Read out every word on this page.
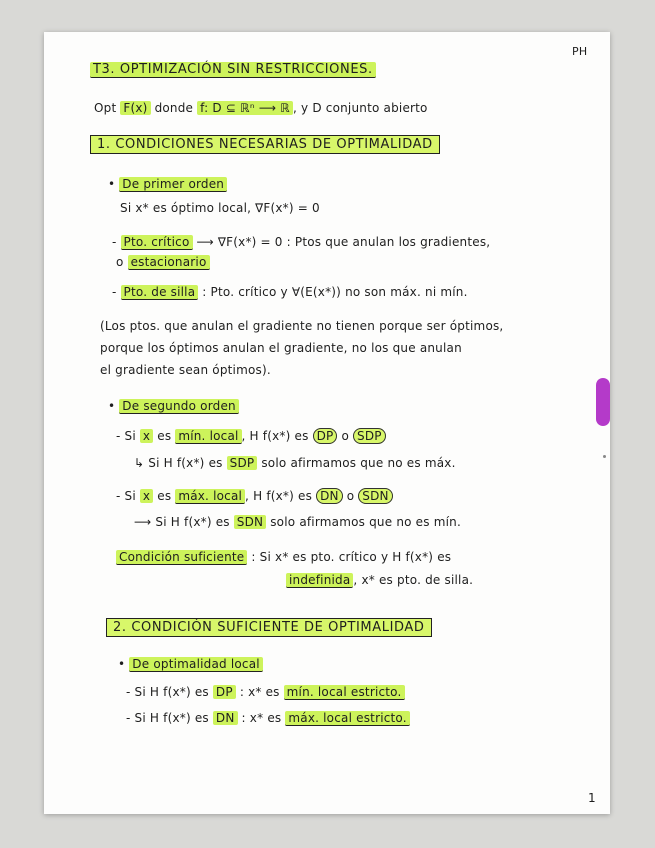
PH
T3. OPTIMIZACIÓN SIN RESTRICCIONES.
Opt F(x) donde f: D ⊆ ℝⁿ ⟶ ℝ , y D conjunto abierto
1. CONDICIONES NECESARIAS DE OPTIMALIDAD
• De primer orden
Si x* es óptimo local, ∇F(x*) = 0
- Pto. crítico ⟶ ∇F(x*) = 0 : Ptos que anulan los gradientes,
o estacionario
- Pto. de silla : Pto. crítico y ∀(E(x*)) no son máx. ni mín.
(Los ptos. que anulan el gradiente no tienen porque ser óptimos,
porque los óptimos anulan el gradiente, no los que anulan
el gradiente sean óptimos).
• De segundo orden
- Si x es mín. local , H f(x*) es DP o SDP
↳ Si H f(x*) es SDP solo afirmamos que no es máx.
- Si x es máx. local , H f(x*) es DN o SDN
⟶ Si H f(x*) es SDN solo afirmamos que no es mín.
Condición suficiente : Si x* es pto. crítico y H f(x*) es
indefinida , x* es pto. de silla.
2. CONDICIÓN SUFICIENTE DE OPTIMALIDAD
• De optimalidad local
- Si H f(x*) es DP : x* es mín. local estricto.
- Si H f(x*) es DN : x* es máx. local estricto.
1
